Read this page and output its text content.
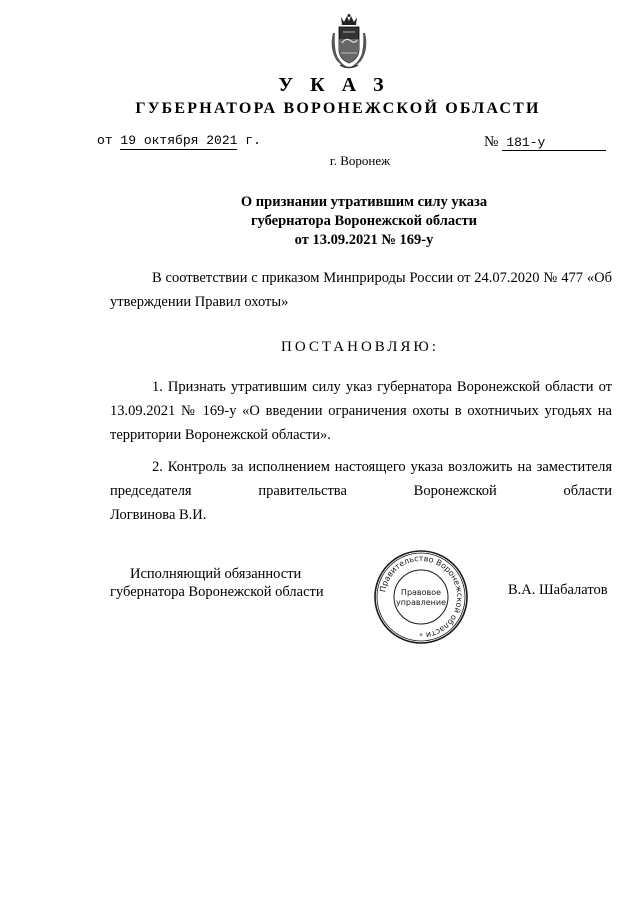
У К А З
ГУБЕРНАТОРА ВОРОНЕЖСКОЙ ОБЛАСТИ
от 19 октября 2021 г.	№ 181-у
г. Воронеж
О признании утратившим силу указа
губернатора Воронежской области
от 13.09.2021 № 169-у
В соответствии с приказом Минприроды России от 24.07.2020 № 477 «Об утверждении Правил охоты»
ПОСТАНОВЛЯЮ:
1. Признать утратившим силу указ губернатора Воронежской области от 13.09.2021 № 169-у «О введении ограничения охоты в охотничьих угодьях на территории Воронежской области».
2. Контроль за исполнением настоящего указа возложить на заместителя председателя правительства Воронежской области
Логвинова В.И.
Исполняющий обязанности
губернатора Воронежской области	Правительство Воронежской области
Правовое
управление
*
В.А. Шабалатов
